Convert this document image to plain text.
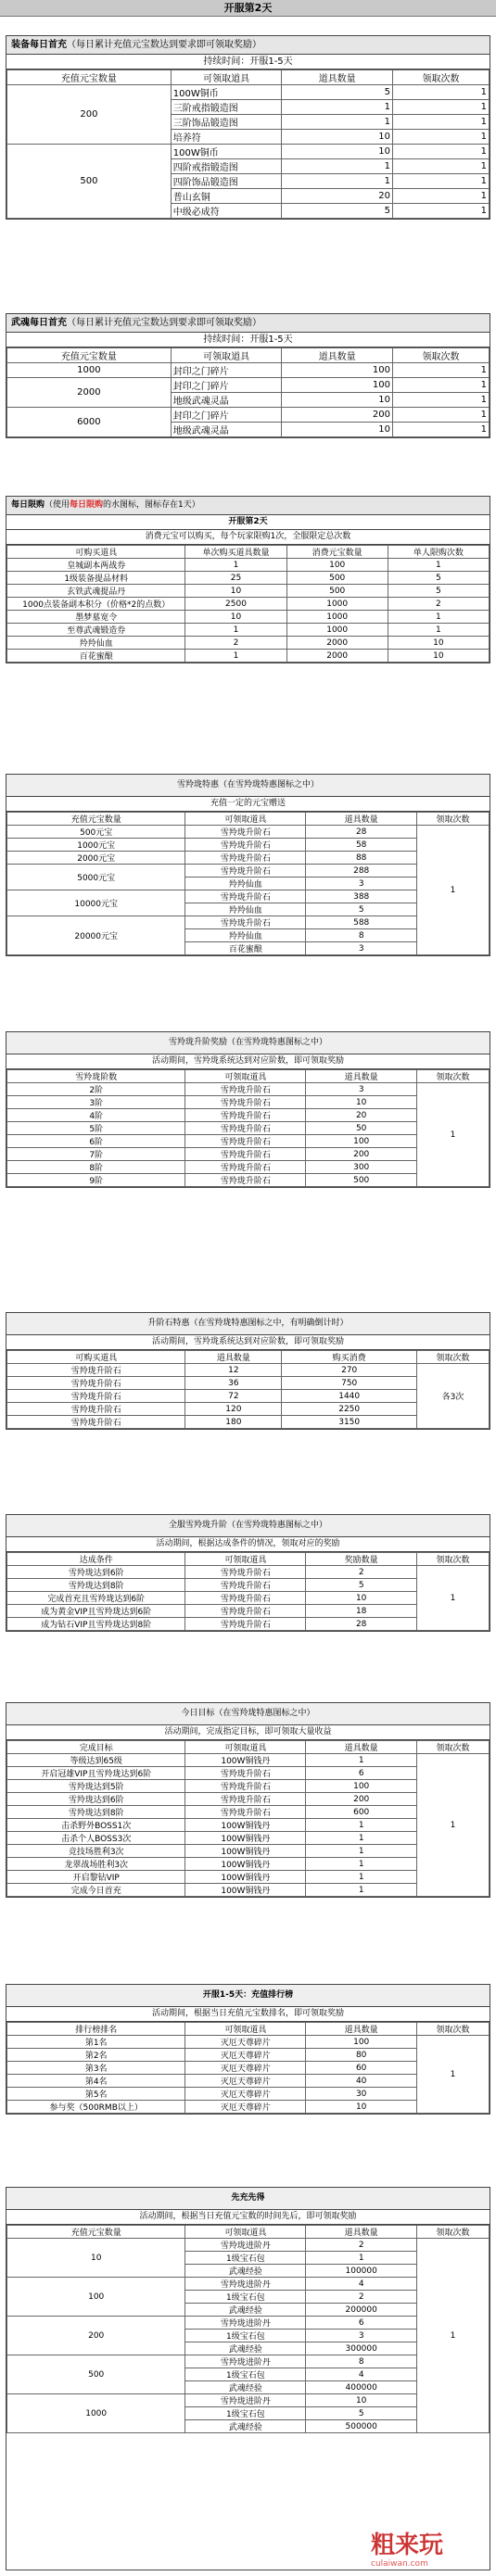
开服第2天
装备每日首充（每日累计充值元宝数达到要求即可领取奖励）
持续时间：开服1-5天
充值元宝数量	可领取道具	道具数量	领取次数
200	100W铜币	5	1
	三阶戒指锻造图	1	1
	三阶饰品锻造图	1	1
	培养符	10	1
500	100W铜币	10	1
	四阶戒指锻造图	1	1
	四阶饰品锻造图	1	1
	普山玄铜	20	1
	中级必成符	5	1
武魂每日首充（每日累计充值元宝数达到要求即可领取奖励）
持续时间：开服1-5天
充值元宝数量	可领取道具	道具数量	领取次数
1000	封印之门碎片	100	1
2000	封印之门碎片	100	1
	地级武魂灵晶	10	1
6000	封印之门碎片	200	1
	地级武魂灵晶	10	1
每日限购（使用每日限购的水图标，图标存在1天）
开服第2天
消费元宝可以购买，每个玩家限购1次，全服限定总次数
可购买道具	单次购买道具数量	消费元宝数量	单人限购次数
皇城副本两战券	1	100	1
1级装备提品材料	25	500	5
玄铁武魂提品丹	10	500	5
1000点装备副本积分（价格*2的点数）	2500	1000	2
墨梦墓宽令	10	1000	1
至尊武魂锻造券	1	1000	1
羚羚仙血	2	2000	10
百花蜜酿	1	2000	10
雪羚珑特惠（在雪羚珑特惠图标之中）
充值一定的元宝赠送
充值元宝数量	可领取道具	道具数量	领取次数
500元宝	雪羚珑升阶石	28	1
1000元宝	雪羚珑升阶石	58	
2000元宝	雪羚珑升阶石	88	
5000元宝	雪羚珑升阶石	288	
	羚羚仙血	3	
10000元宝	雪羚珑升阶石	388	
	羚羚仙血	5	
20000元宝	雪羚珑升阶石	588	
	羚羚仙血	8	
	百花蜜酿	3	
雪羚珑升阶奖励（在雪羚珑特惠图标之中）
活动期间，雪羚珑系统达到对应阶数，即可领取奖励
雪羚珑阶数	可领取道具	道具数量	领取次数
2阶	雪羚珑升阶石	3	1
3阶	雪羚珑升阶石	10	
4阶	雪羚珑升阶石	20	
5阶	雪羚珑升阶石	50	
6阶	雪羚珑升阶石	100	
7阶	雪羚珑升阶石	200	
8阶	雪羚珑升阶石	300	
9阶	雪羚珑升阶石	500	
升阶石特惠（在雪羚珑特惠图标之中，有明确倒计时）
活动期间，雪羚珑系统达到对应阶数，即可领取奖励
可购买道具	道具数量	购买消费	领取次数
雪羚珑升阶石	12	270	各3次
雪羚珑升阶石	36	750	
雪羚珑升阶石	72	1440	
雪羚珑升阶石	120	2250	
雪羚珑升阶石	180	3150	
全服雪羚珑升阶（在雪羚珑特惠图标之中）
活动期间，根据达成条件的情况，领取对应的奖励
达成条件	可领取道具	奖励数量	领取次数
雪羚珑达到6阶	雪羚珑升阶石	2	1
雪羚珑达到8阶	雪羚珑升阶石	5	
完成首充且雪羚珑达到6阶	雪羚珑升阶石	10	
成为黄金VIP且雪羚珑达到6阶	雪羚珑升阶石	18	
成为钻石VIP且雪羚珑达到8阶	雪羚珑升阶石	28	
今日目标（在雪羚珑特惠图标之中）
活动期间，完成指定目标，即可领取大量收益
完成目标	可领取道具	道具数量	领取次数
等级达到65级	100W铜钱丹	1	1
开启冠雄VIP且雪羚珑达到6阶	雪羚珑升阶石	6	
雪羚珑达到5阶	雪羚珑升阶石	100	
雪羚珑达到6阶	雪羚珑升阶石	200	
雪羚珑达到8阶	雪羚珑升阶石	600	
击杀野外BOSS1次	100W铜钱丹	1	
击杀个人BOSS3次	100W铜钱丹	1	
竞技场胜利3次	100W铜钱丹	1	
龙翠战场胜利3次	100W铜钱丹	1	
开启黎钻VIP	100W铜钱丹	1	
完成今日首充	100W铜钱丹	1	
开服1-5天：充值排行榜
活动期间，根据当日充值元宝数排名，即可领取奖励
排行榜排名	可领取道具	道具数量	领取次数
第1名	灭厄天尊碎片	100	1
第2名	灭厄天尊碎片	80	
第3名	灭厄天尊碎片	60	
第4名	灭厄天尊碎片	40	
第5名	灭厄天尊碎片	30	
参与奖（500RMB以上）	灭厄天尊碎片	10	
先充先得
活动期间，根据当日充值元宝数的时间先后，即可领取奖励
充值元宝数量	可领取道具	道具数量	领取次数
10	雪羚珑进阶丹	2	1
	1级宝石包	1	
	武魂经验	100000	
100	雪羚珑进阶丹	4	
	1级宝石包	2	
	武魂经验	200000	
200	雪羚珑进阶丹	6	
	1级宝石包	3	
	武魂经验	300000	
500	雪羚珑进阶丹	8	
	1级宝石包	4	
	武魂经验	400000	
1000	雪羚珑进阶丹	10	
	1级宝石包	5	
	武魂经验	500000	
粗来玩
culaiwan.com
